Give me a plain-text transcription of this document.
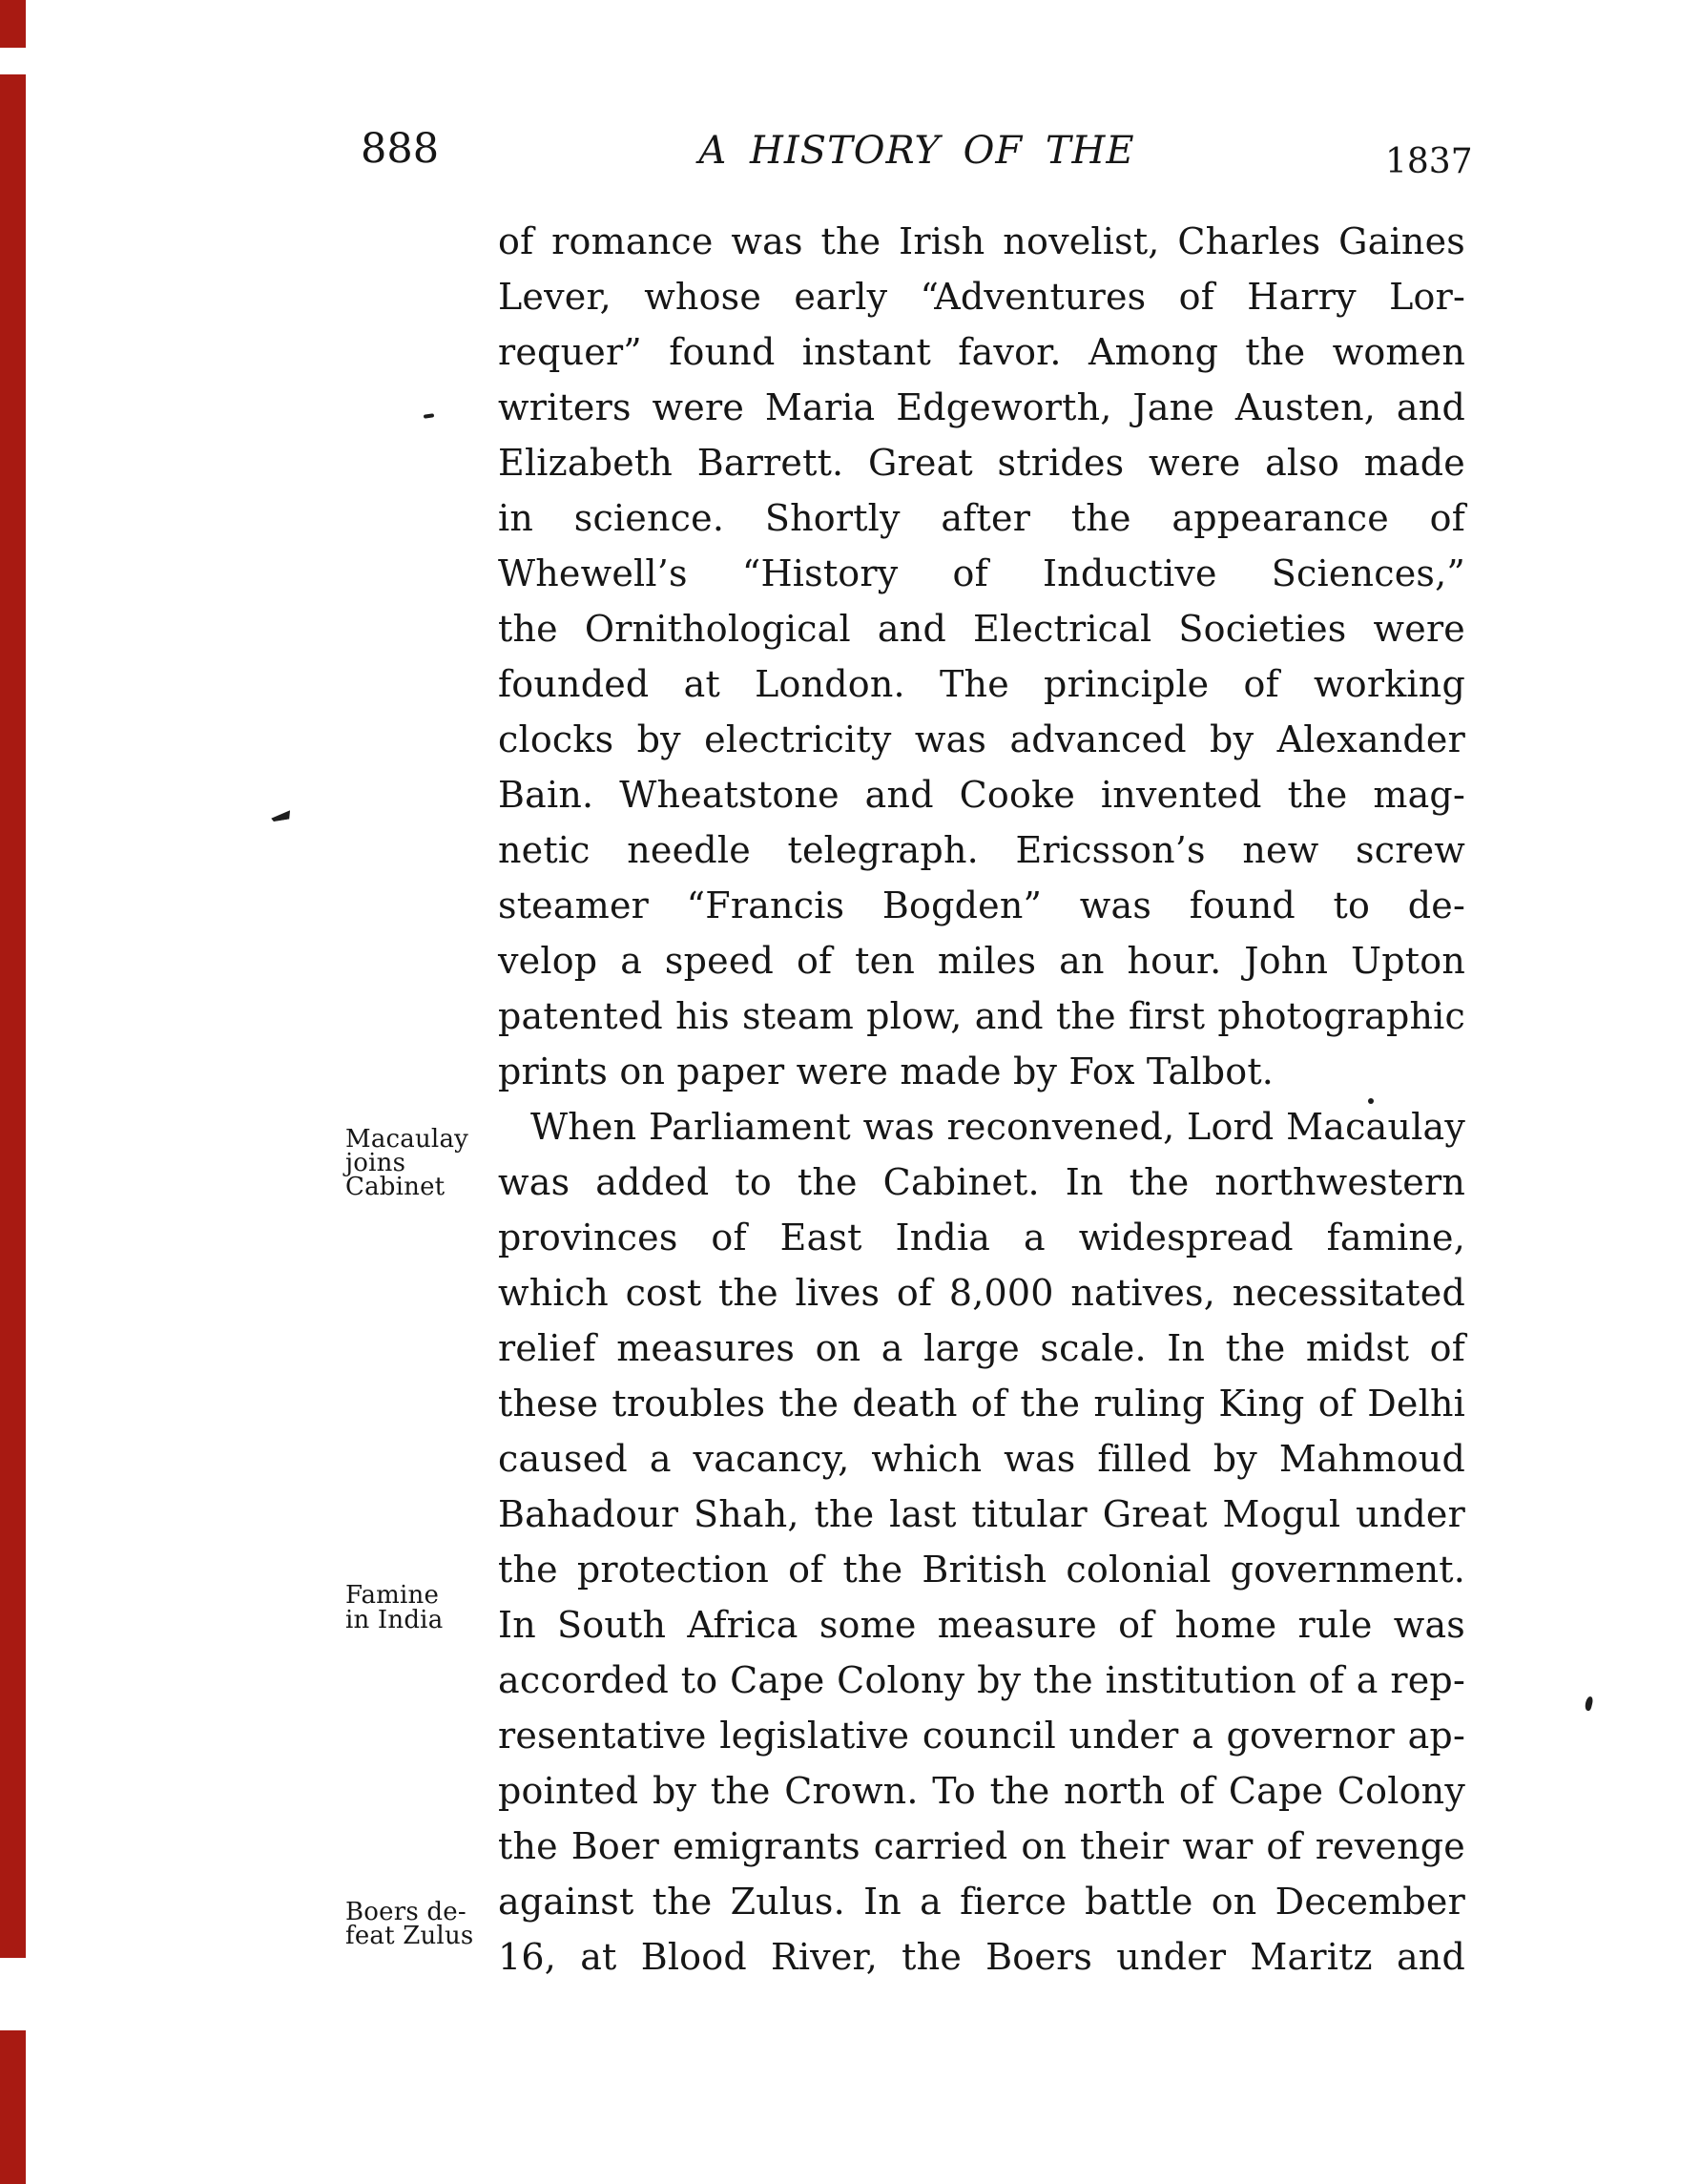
888	A HISTORY OF THE	1837
of romance was the Irish novelist, Charles Gaines
Lever, whose early “Adventures of Harry Lor-
requer” found instant favor. Among the women
writers were Maria Edgeworth, Jane Austen, and
Elizabeth Barrett. Great strides were also made
in science. Shortly after the appearance of
Whewell’s “History of Inductive Sciences,”
the Ornithological and Electrical Societies were
founded at London. The principle of working
clocks by electricity was advanced by Alexander
Bain. Wheatstone and Cooke invented the mag-
netic needle telegraph. Ericsson’s new screw
steamer “Francis Bogden” was found to de-
velop a speed of ten miles an hour. John Upton
patented his steam plow, and the first photographic
prints on paper were made by Fox Talbot.
When Parliament was reconvened, Lord Macaulay
was added to the Cabinet. In the northwestern
provinces of East India a widespread famine,
which cost the lives of 8,000 natives, necessitated
relief measures on a large scale. In the midst of
these troubles the death of the ruling King of Delhi
caused a vacancy, which was filled by Mahmoud
Bahadour Shah, the last titular Great Mogul under
the protection of the British colonial government.
In South Africa some measure of home rule was
accorded to Cape Colony by the institution of a rep-
resentative legislative council under a governor ap-
pointed by the Crown. To the north of Cape Colony
the Boer emigrants carried on their war of revenge
against the Zulus. In a fierce battle on December
16, at Blood River, the Boers under Maritz and
Macaulay
joins
Cabinet
Famine
in India
Boers de-
feat Zulus
